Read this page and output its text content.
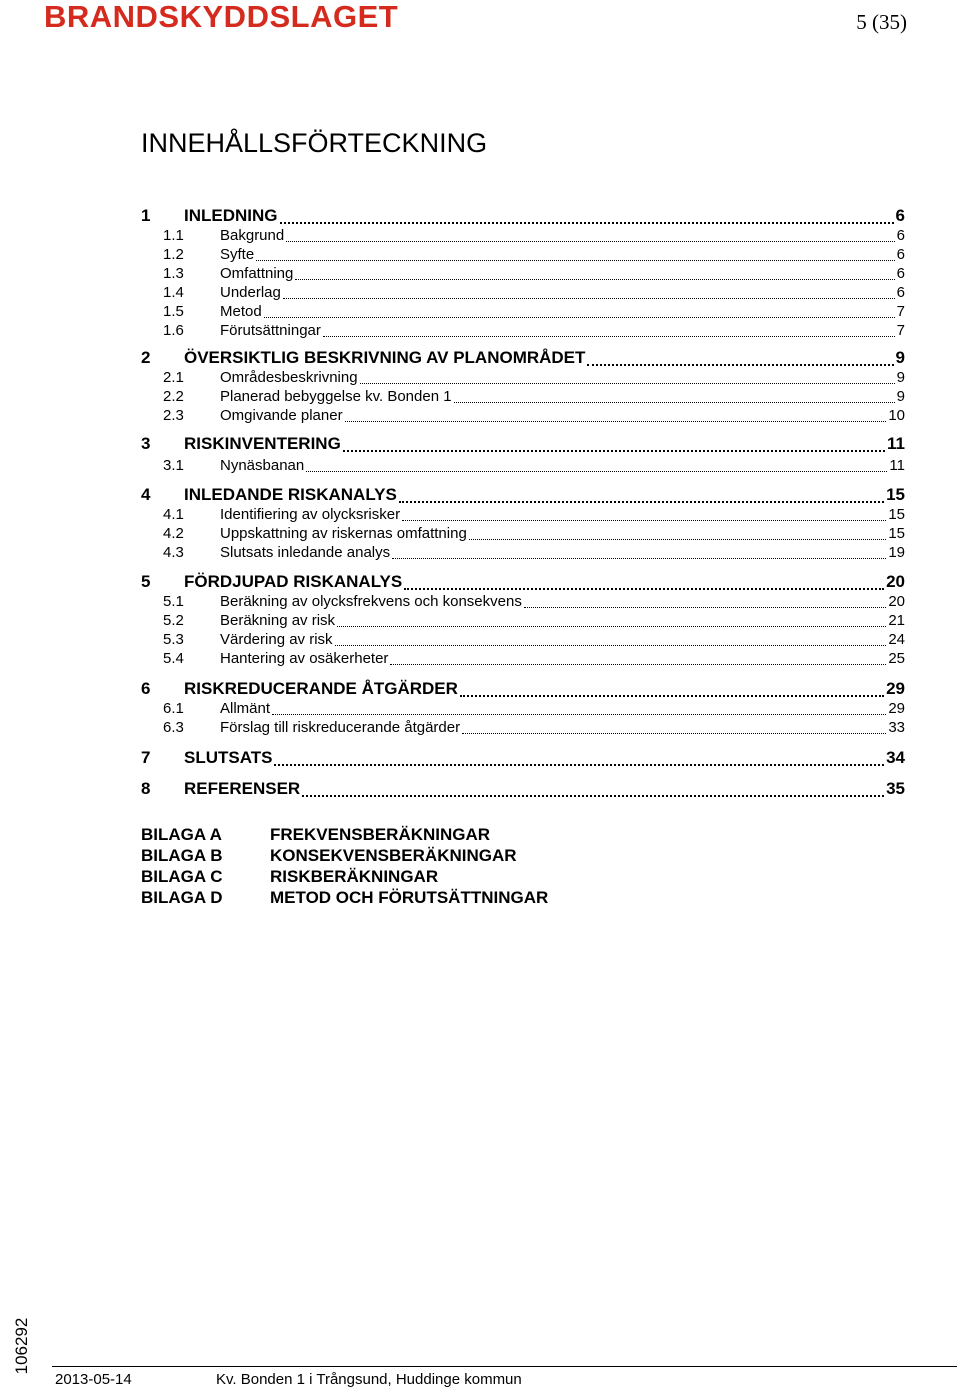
BRANDSKYDDSLAGET	5 (35)
INNEHÅLLSFÖRTECKNING
1	INLEDNING	6
1.1	Bakgrund	6
1.2	Syfte	6
1.3	Omfattning	6
1.4	Underlag	6
1.5	Metod	7
1.6	Förutsättningar	7
2	ÖVERSIKTLIG BESKRIVNING AV PLANOMRÅDET	9
2.1	Områdesbeskrivning	9
2.2	Planerad bebyggelse kv. Bonden 1	9
2.3	Omgivande planer	10
3	RISKINVENTERING	11
3.1	Nynäsbanan	11
4	INLEDANDE RISKANALYS	15
4.1	Identifiering av olycksrisker	15
4.2	Uppskattning av riskernas omfattning	15
4.3	Slutsats inledande analys	19
5	FÖRDJUPAD RISKANALYS	20
5.1	Beräkning av olycksfrekvens och konsekvens	20
5.2	Beräkning av risk	21
5.3	Värdering av risk	24
5.4	Hantering av osäkerheter	25
6	RISKREDUCERANDE ÅTGÄRDER	29
6.1	Allmänt	29
6.3	Förslag till riskreducerande åtgärder	33
7	SLUTSATS	34
8	REFERENSER	35
BILAGA A	FREKVENSBERÄKNINGAR
BILAGA B	KONSEKVENSBERÄKNINGAR
BILAGA C	RISKBERÄKNINGAR
BILAGA D	METOD OCH FÖRUTSÄTTNINGAR
106292
2013-05-14	Kv. Bonden 1 i Trångsund, Huddinge kommun
